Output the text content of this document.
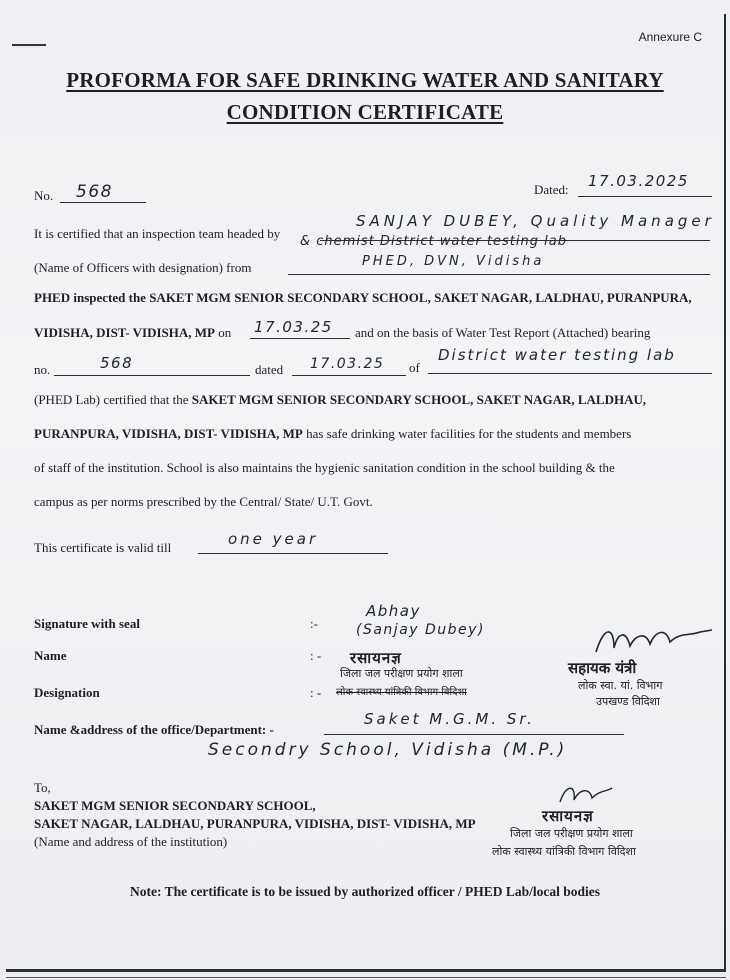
Annexure C
PROFORMA FOR SAFE DRINKING WATER AND SANITARY
CONDITION CERTIFICATE
No. 568	Dated: 17.03.2025
It is certified that an inspection team headed by
SANJAY DUBEY, Quality Manager
& chemist District water testing lab
(Name of Officers with designation) from	PHED, DVN, Vidisha
PHED inspected the SAKET MGM SENIOR SECONDARY SCHOOL, SAKET NAGAR, LALDHAU, PURANPURA,
VIDISHA, DIST- VIDISHA, MP on 17.03.25 and on the basis of Water Test Report (Attached) bearing
no.	568	dated 17.03.25 of
District water testing lab
(PHED Lab) certified that the SAKET MGM SENIOR SECONDARY SCHOOL, SAKET NAGAR, LALDHAU,
PURANPURA, VIDISHA, DIST- VIDISHA, MP has safe drinking water facilities for the students and members
of staff of the institution. School is also maintains the hygienic sanitation condition in the school building & the
campus as per norms prescribed by the Central/ State/ U.T. Govt.
This certificate is valid till	one year
Signature with seal	:-
Abhay
(Sanjay Dubey)
Name	: -
Designation	: -
रसायनज्ञ
जिला जल परीक्षण प्रयोग शाला
लोक स्वास्थ्य यांत्रिकी विभाग विदिशा
सहायक यंत्री
लोक स्वा. यां. विभाग
उपखण्ड विदिशा
Name &address of the office/Department: -
Saket M.G.M. Sr.
Secondry School, Vidisha (M.P.)
To,
SAKET MGM SENIOR SECONDARY SCHOOL,
SAKET NAGAR, LALDHAU, PURANPURA, VIDISHA, DIST- VIDISHA, MP
(Name and address of the institution)
रसायनज्ञ
जिला जल परीक्षण प्रयोग शाला
लोक स्वास्थ्य यांत्रिकी विभाग विदिशा
Note: The certificate is to be issued by authorized officer / PHED Lab/local bodies
